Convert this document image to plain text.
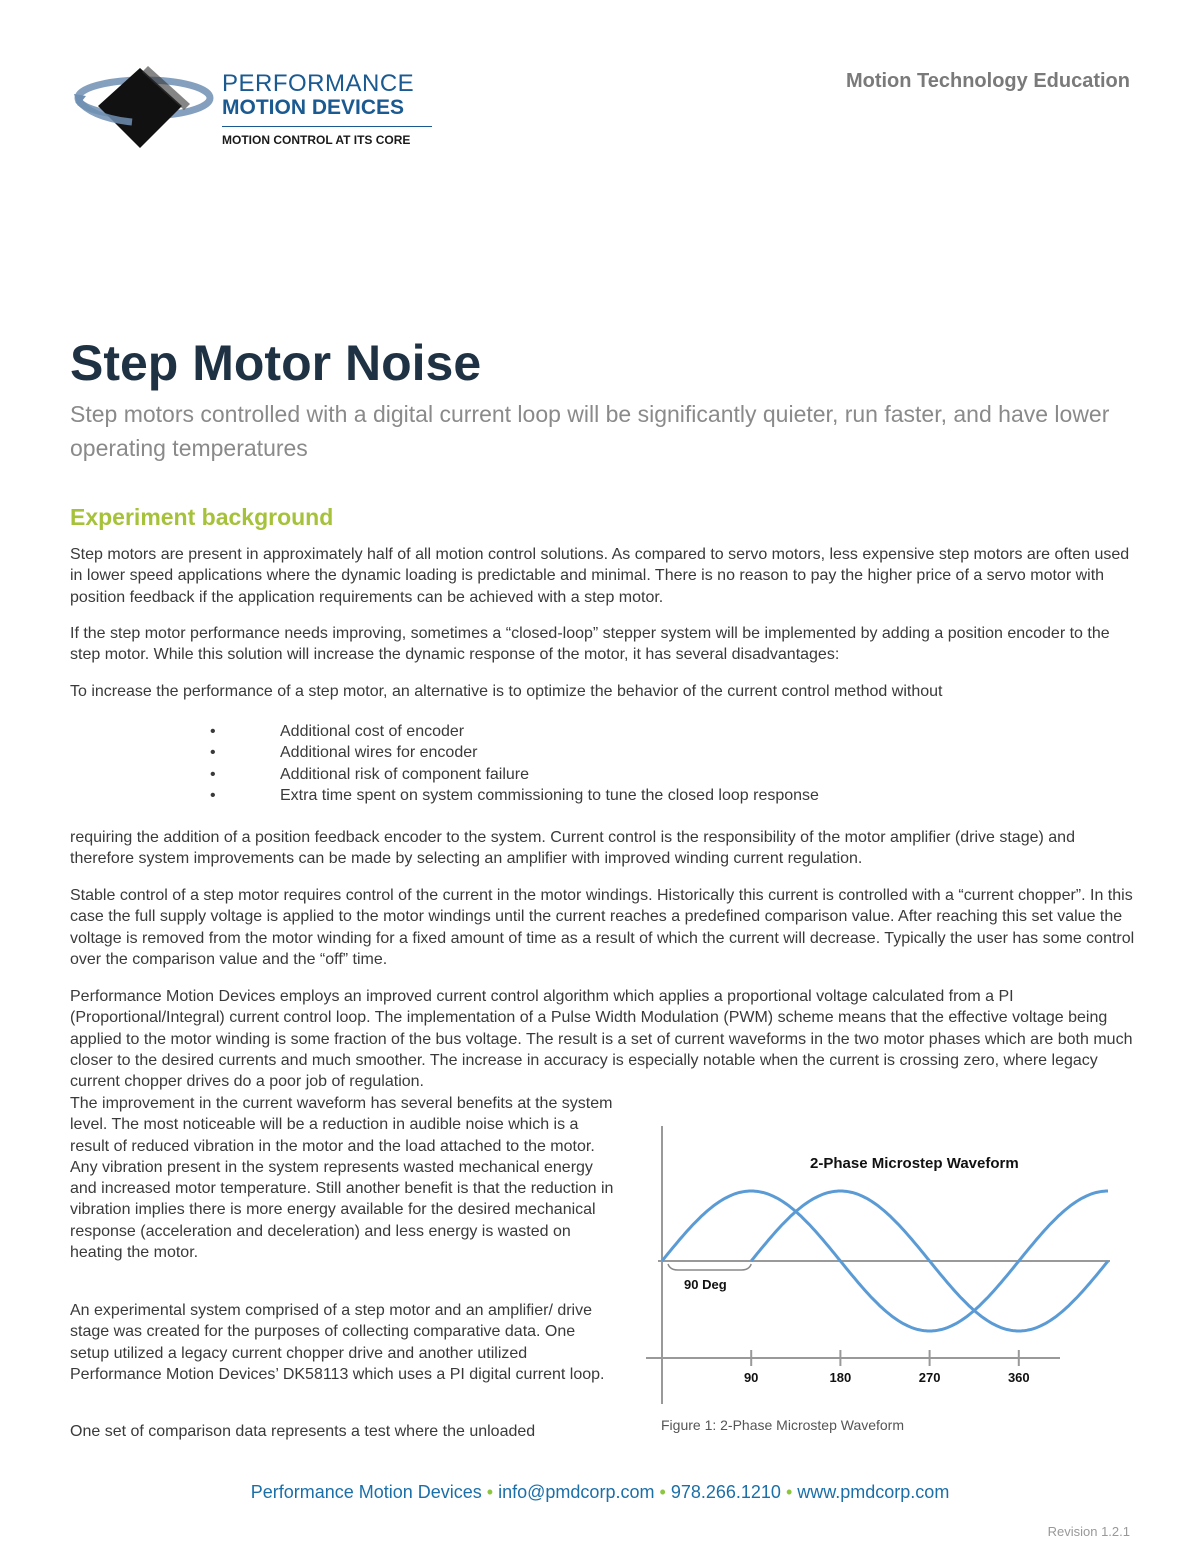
PERFORMANCE
MOTION DEVICES
MOTION CONTROL AT ITS CORE
Motion Technology Education
Step Motor Noise
Step motors controlled with a digital current loop will be significantly quieter, run faster, and have lower operating temperatures
Experiment background

Step motors are present in approximately half of all motion control solutions. As compared to servo motors, less expensive step motors are often used in lower speed applications where the dynamic loading is predictable and minimal. There is no reason to pay the higher price of a servo motor with position feedback if the application requirements can be achieved with a step motor.

If the step motor performance needs improving, sometimes a “closed-loop” stepper system will be implemented by adding a position encoder to the step motor. While this solution will increase the dynamic response of the motor, it has several disadvantages:

To increase the performance of a step motor, an alternative is to optimize the behavior of the current control method without

•	Additional cost of encoder
•	Additional wires for encoder
•	Additional risk of component failure
•	Extra time spent on system commissioning to tune the closed loop response

requiring the addition of a position feedback encoder to the system. Current control is the responsibility of the motor amplifier (drive stage) and therefore system improvements can be made by selecting an amplifier with improved winding current regulation.

Stable control of a step motor requires control of the current in the motor windings. Historically this current is controlled with a “current chopper”. In this case the full supply voltage is applied to the motor windings until the current reaches a predefined comparison value. After reaching this set value the voltage is removed from the motor winding for a fixed amount of time as a result of which the current will decrease. Typically the user has some control over the comparison value and the “off” time.

Performance Motion Devices employs an improved current control algorithm which applies a proportional voltage calculated from a PI (Proportional/Integral) current control loop. The implementation of a Pulse Width Modulation (PWM) scheme means that the effective voltage being applied to the motor winding is some fraction of the bus voltage. The result is a set of current waveforms in the two motor phases which are both much closer to the desired currents and much smoother. The increase in accuracy is especially notable when the current is crossing zero, where legacy current chopper drives do a poor job of regulation.

The improvement in the current waveform has several benefits at the system level. The most noticeable will be a reduction in audible noise which is a result of reduced vibration in the motor and the load attached to the motor. Any vibration present in the system represents wasted mechanical energy and increased motor temperature. Still another benefit is that the reduction in vibration implies there is more energy available for the desired mechanical response (acceleration and deceleration) and less energy is wasted on heating the motor.

An experimental system comprised of a step motor and an amplifier/ drive stage was created for the purposes of collecting comparative data. One setup utilized a legacy current chopper drive and another utilized Performance Motion Devices’ DK58113 which uses a PI digital current loop.

One set of comparison data represents a test where the unloaded

2-Phase Microstep Waveform
90 Deg
90	180	270	360
Figure 1: 2-Phase Microstep Waveform
Performance Motion Devices • info@pmdcorp.com • 978.266.1210 • www.pmdcorp.com
Revision 1.2.1
